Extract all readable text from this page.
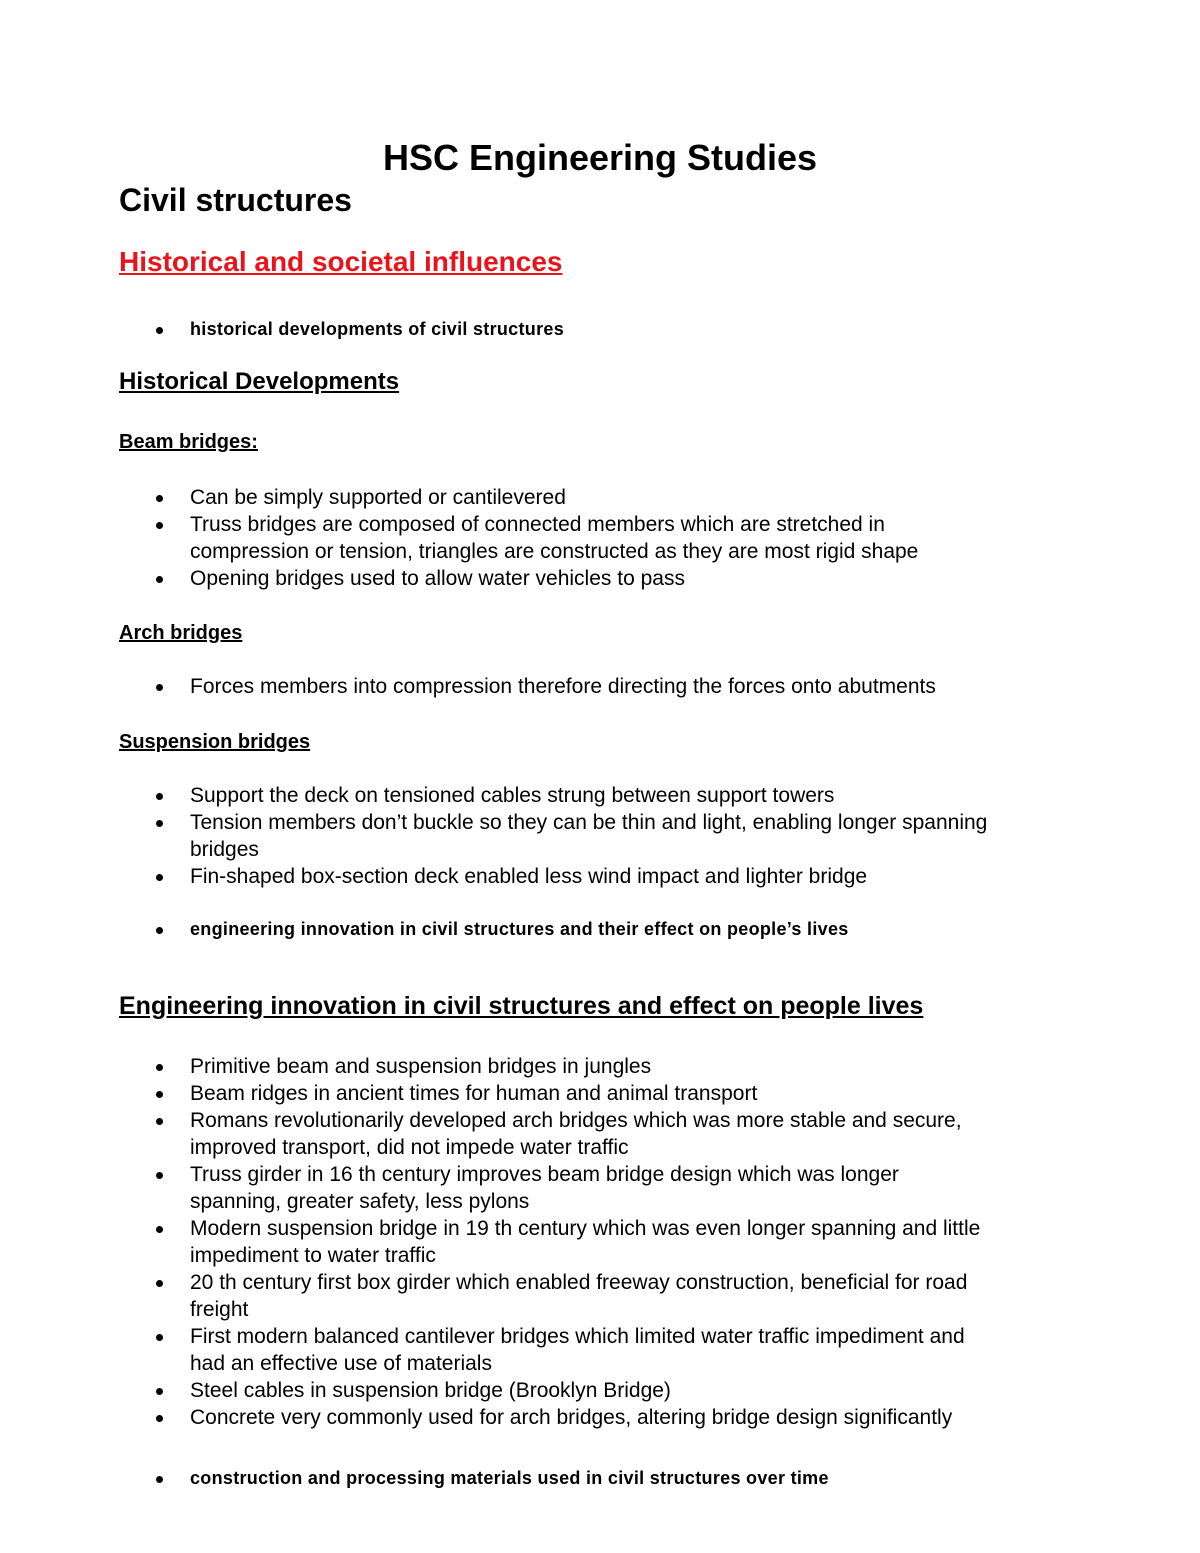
HSC Engineering Studies
Civil structures
Historical and societal influences
historical developments of civil structures
Historical Developments
Beam bridges:
Can be simply supported or cantilevered
Truss bridges are composed of connected members which are stretched in
compression or tension, triangles are constructed as they are most rigid shape
Opening bridges used to allow water vehicles to pass
Arch bridges
Forces members into compression therefore directing the forces onto abutments
Suspension bridges
Support the deck on tensioned cables strung between support towers
Tension members don’t buckle so they can be thin and light, enabling longer spanning
bridges
Fin-shaped box-section deck enabled less wind impact and lighter bridge
engineering innovation in civil structures and their effect on people’s lives
Engineering innovation in civil structures and effect on people lives
Primitive beam and suspension bridges in jungles
Beam ridges in ancient times for human and animal transport
Romans revolutionarily developed arch bridges which was more stable and secure,
improved transport, did not impede water traffic
Truss girder in 16 th century improves beam bridge design which was longer
spanning, greater safety, less pylons
Modern suspension bridge in 19 th century which was even longer spanning and little
impediment to water traffic
20 th century first box girder which enabled freeway construction, beneficial for road
freight
First modern balanced cantilever bridges which limited water traffic impediment and
had an effective use of materials
Steel cables in suspension bridge (Brooklyn Bridge)
Concrete very commonly used for arch bridges, altering bridge design significantly
construction and processing materials used in civil structures over time
